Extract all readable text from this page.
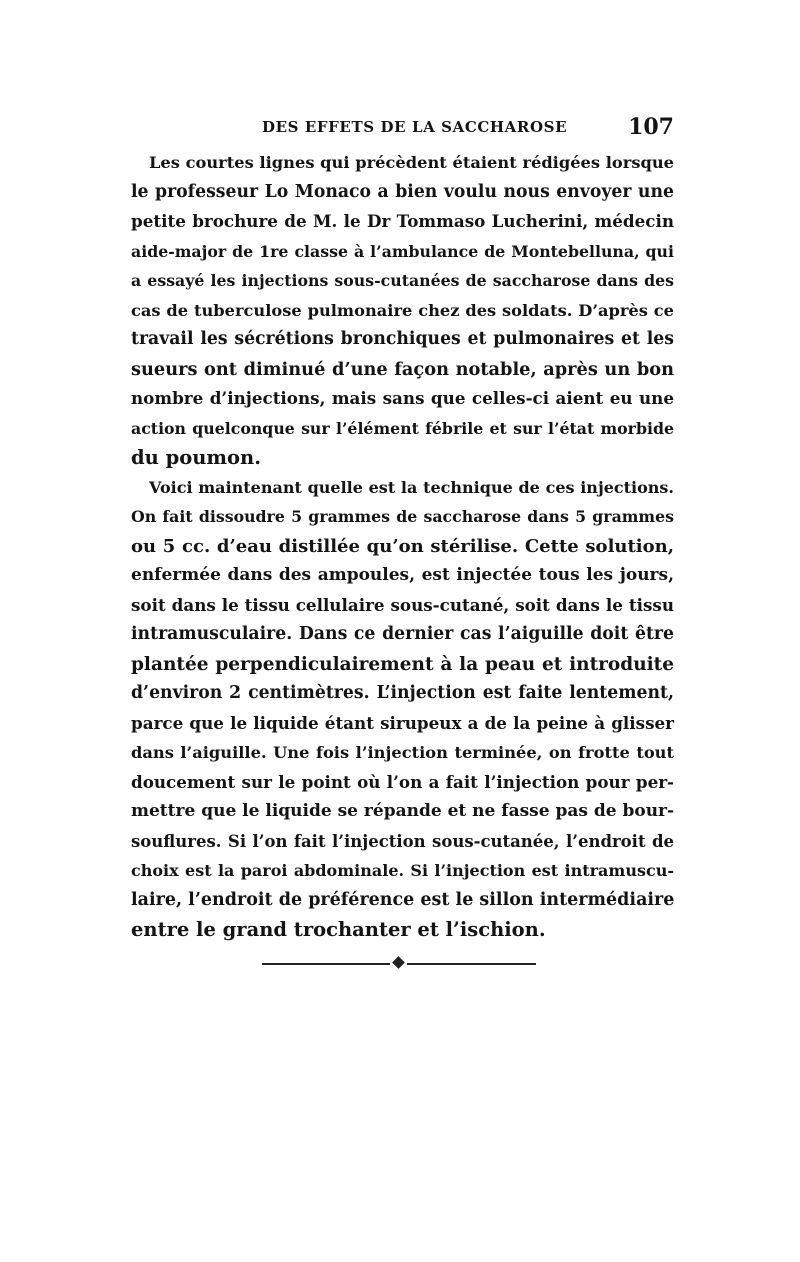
DES EFFETS DE LA SACCHAROSE	107
Les courtes lignes qui précèdent étaient rédigées lorsque
le professeur Lo Monaco a bien voulu nous envoyer une
petite brochure de M. le Dr Tommaso Lucherini, médecin
aide-major de 1re classe à l’ambulance de Montebelluna, qui
a essayé les injections sous-cutanées de saccharose dans des
cas de tuberculose pulmonaire chez des soldats. D’après ce
travail les sécrétions bronchiques et pulmonaires et les
sueurs ont diminué d’une façon notable, après un bon
nombre d’injections, mais sans que celles-ci aient eu une
action quelconque sur l’élément fébrile et sur l’état morbide
du poumon.
Voici maintenant quelle est la technique de ces injections.
On fait dissoudre 5 grammes de saccharose dans 5 grammes
ou 5 cc. d’eau distillée qu’on stérilise. Cette solution,
enfermée dans des ampoules, est injectée tous les jours,
soit dans le tissu cellulaire sous-cutané, soit dans le tissu
intramusculaire. Dans ce dernier cas l’aiguille doit être
plantée perpendiculairement à la peau et introduite
d’environ 2 centimètres. L’injection est faite lentement,
parce que le liquide étant sirupeux a de la peine à glisser
dans l’aiguille. Une fois l’injection terminée, on frotte tout
doucement sur le point où l’on a fait l’injection pour per-
mettre que le liquide se répande et ne fasse pas de bour-
souflures. Si l’on fait l’injection sous-cutanée, l’endroit de
choix est la paroi abdominale. Si l’injection est intramuscu-
laire, l’endroit de préférence est le sillon intermédiaire
entre le grand trochanter et l’ischion.
